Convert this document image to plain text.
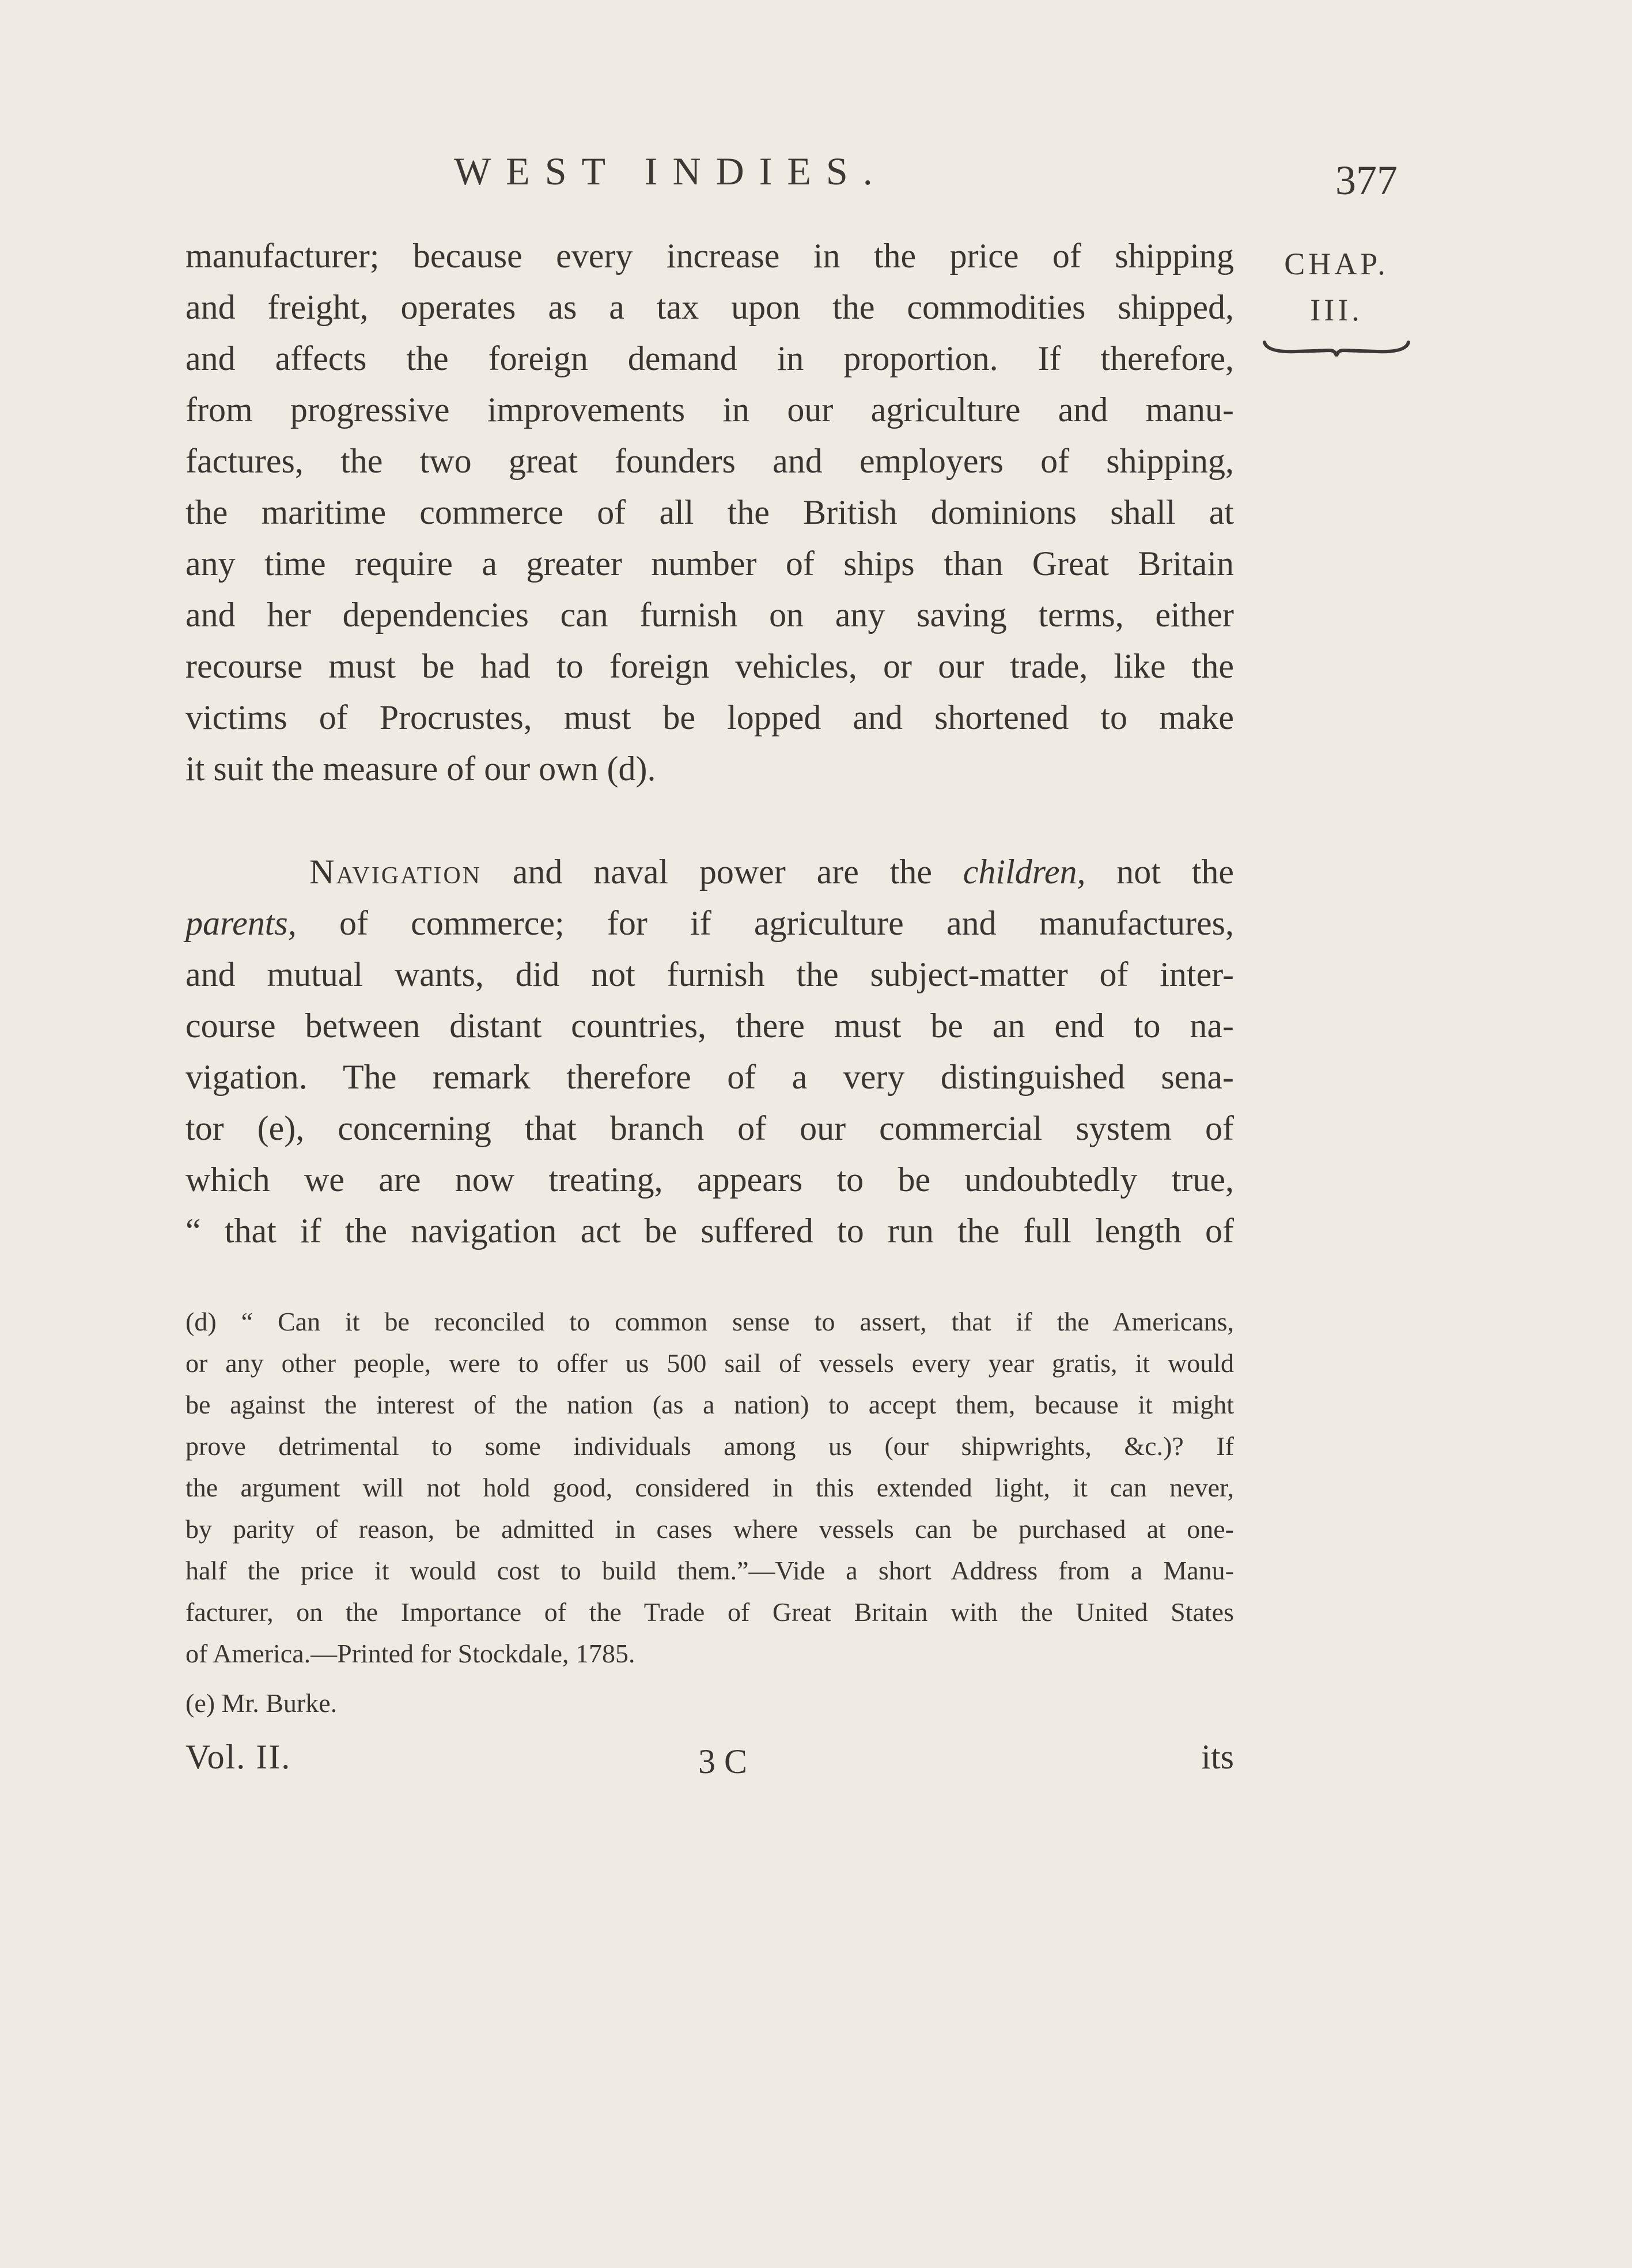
WEST INDIES.	377
CHAP.
III.

manufacturer; because every increase in the price of shipping
and freight, operates as a tax upon the commodities shipped,
and affects the foreign demand in proportion. If therefore,
from progressive improvements in our agriculture and manu-
factures, the two great founders and employers of shipping,
the maritime commerce of all the British dominions shall at
any time require a greater number of ships than Great Britain
and her dependencies can furnish on any saving terms, either
recourse must be had to foreign vehicles, or our trade, like the
victims of Procrustes, must be lopped and shortened to make
it suit the measure of our own (d).

Navigation and naval power are the children, not the
parents, of commerce; for if agriculture and manufactures,
and mutual wants, did not furnish the subject-matter of inter-
course between distant countries, there must be an end to na-
vigation. The remark therefore of a very distinguished sena-
tor (e), concerning that branch of our commercial system of
which we are now treating, appears to be undoubtedly true,
“ that if the navigation act be suffered to run the full length of

(d) “ Can it be reconciled to common sense to assert, that if the Americans,
or any other people, were to offer us 500 sail of vessels every year gratis, it would
be against the interest of the nation (as a nation) to accept them, because it might
prove detrimental to some individuals among us (our shipwrights, &c.)? If
the argument will not hold good, considered in this extended light, it can never,
by parity of reason, be admitted in cases where vessels can be purchased at one-
half the price it would cost to build them.”—Vide a short Address from a Manu-
facturer, on the Importance of the Trade of Great Britain with the United States
of America.—Printed for Stockdale, 1785.
(e) Mr. Burke.
Vol. II.	3 C	its
